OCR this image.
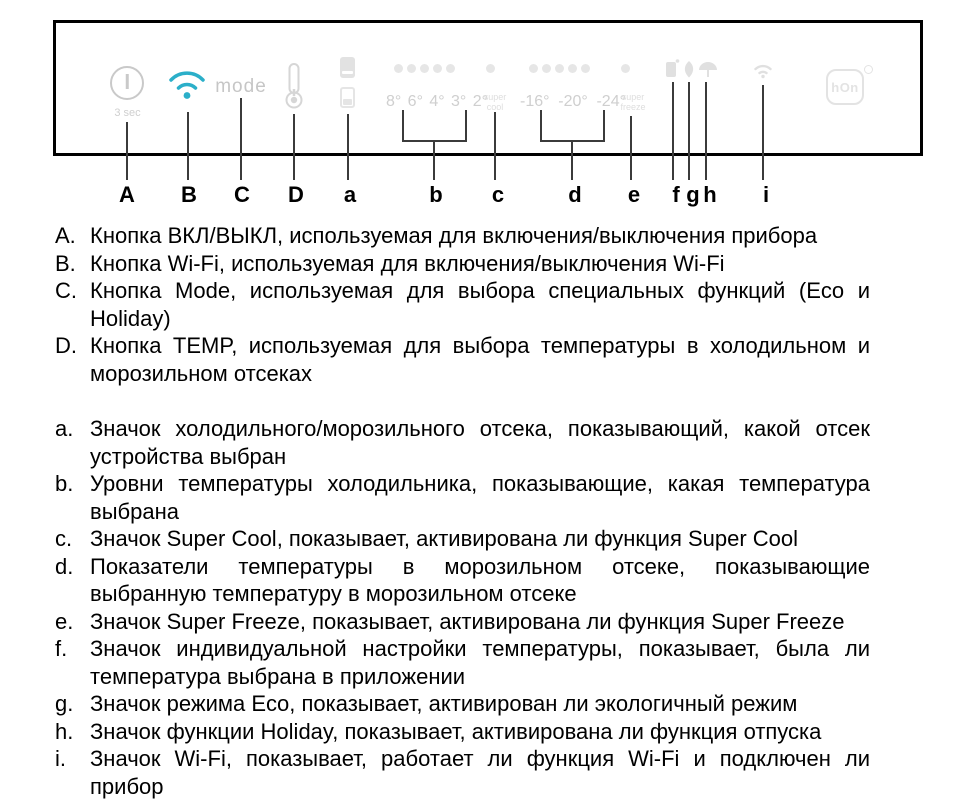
3 sec
mode
8° 6° 4° 3° 2°
super
cool	-16° -20° -24°
super
freeze
hOn
A B C D a	b c	d e f g h i
A. Кнопка ВКЛ/ВЫКЛ, используемая для включения/выключения прибора
B. Кнопка Wi-Fi, используемая для включения/выключения Wi-Fi
C. Кнопка Mode, используемая для выбора специальных функций (Eco и Holiday)
D. Кнопка TEMP, используемая для выбора температуры в холодильном и морозильном отсеках
a. Значок холодильного/морозильного отсека, показывающий, какой отсек устройства выбран
b. Уровни температуры холодильника, показывающие, какая температура выбрана
c. Значок Super Cool, показывает, активирована ли функция Super Cool
d. Показатели температуры в морозильном отсеке, показывающие выбранную температуру в морозильном отсеке
e. Значок Super Freeze, показывает, активирована ли функция Super Freeze
f.	Значок индивидуальной настройки температуры, показывает, была ли температура выбрана в приложении
g. Значок режима Eco, показывает, активирован ли экологичный режим
h. Значок функции Holiday, показывает, активирована ли функция отпуска
i.	Значок Wi-Fi, показывает, работает ли функция Wi-Fi и подключен ли прибор
